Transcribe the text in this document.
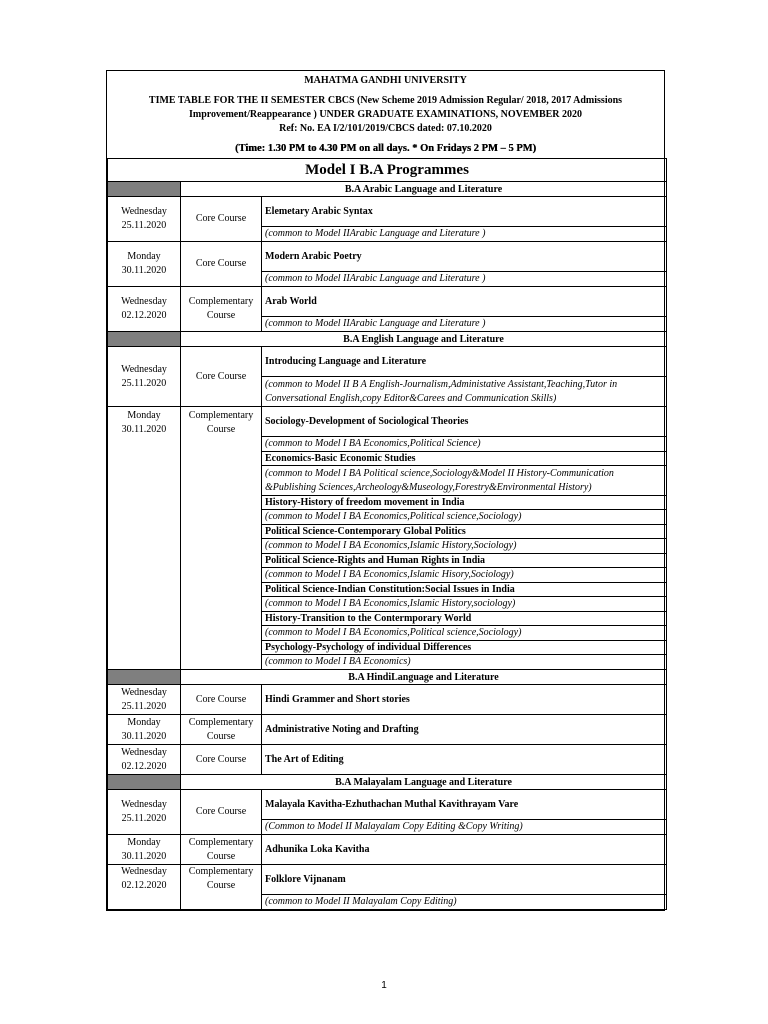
MAHATMA GANDHI UNIVERSITY
TIME TABLE FOR THE II SEMESTER CBCS (New Scheme 2019 Admission Regular/ 2018, 2017 Admissions
Improvement/Reappearance ) UNDER GRADUATE EXAMINATIONS, NOVEMBER 2020
Ref: No. EA I/2/101/2019/CBCS dated: 07.10.2020
(Time: 1.30 PM to 4.30 PM on all days. * On Fridays 2 PM – 5 PM)
Model I B.A Programmes		
	B.A Arabic Language and Literature	
Wednesday
25.11.2020	Core Course	Elemetary Arabic Syntax
		(common to Model IIArabic Language and Literature )
Monday
30.11.2020	Core Course	Modern Arabic Poetry
		(common to Model IIArabic Language and Literature )
Wednesday
02.12.2020	Complementary
Course	Arab World
		(common to Model IIArabic Language and Literature )
	B.A English Language and Literature	
Wednesday
25.11.2020	Core Course	Introducing Language and Literature
		(common to Model II B A English-Journalism,Administative Assistant,Teaching,Tutor in
Conversational English,copy Editor&Carees and Communication Skills)
Monday
30.11.2020	Complementary
Course	Sociology-Development of Sociological Theories
		(common to Model I BA Economics,Political Science)
		Economics-Basic Economic Studies
		(common to Model I BA Political science,Sociology&Model II History-Communication
&Publishing Sciences,Archeology&Museology,Forestry&Environmental History)
		History-History of freedom movement in India
		(common to Model I BA Economics,Political science,Sociology)
		Political Science-Contemporary Global Politics
		(common to Model I BA Economics,Islamic History,Sociology)
		Political Science-Rights and Human Rights in India
		(common to Model I BA Economics,Islamic Hisory,Sociology)
		Political Science-Indian Constitution:Social Issues in India
		(common to Model I BA Economics,Islamic History,sociology)
		History-Transition to the Contermporary World
		(common to Model I BA Economics,Political science,Sociology)
		Psychology-Psychology of individual Differences
		(common to Model I BA Economics)
	B.A HindiLanguage and Literature	
Wednesday
25.11.2020	Core Course	Hindi Grammer and Short stories
Monday
30.11.2020	Complementary
Course	Administrative Noting and Drafting
Wednesday
02.12.2020	Core Course	The Art of Editing
	B.A Malayalam Language and Literature	
Wednesday
25.11.2020	Core Course	Malayala Kavitha-Ezhuthachan Muthal Kavithrayam Vare
		(Common to Model II Malayalam Copy Editing &Copy Writing)
Monday
30.11.2020	Complementary
Course	Adhunika Loka Kavitha
Wednesday
02.12.2020	Complementary
Course	Folklore Vijnanam
		(common to Model II Malayalam Copy Editing)
1
